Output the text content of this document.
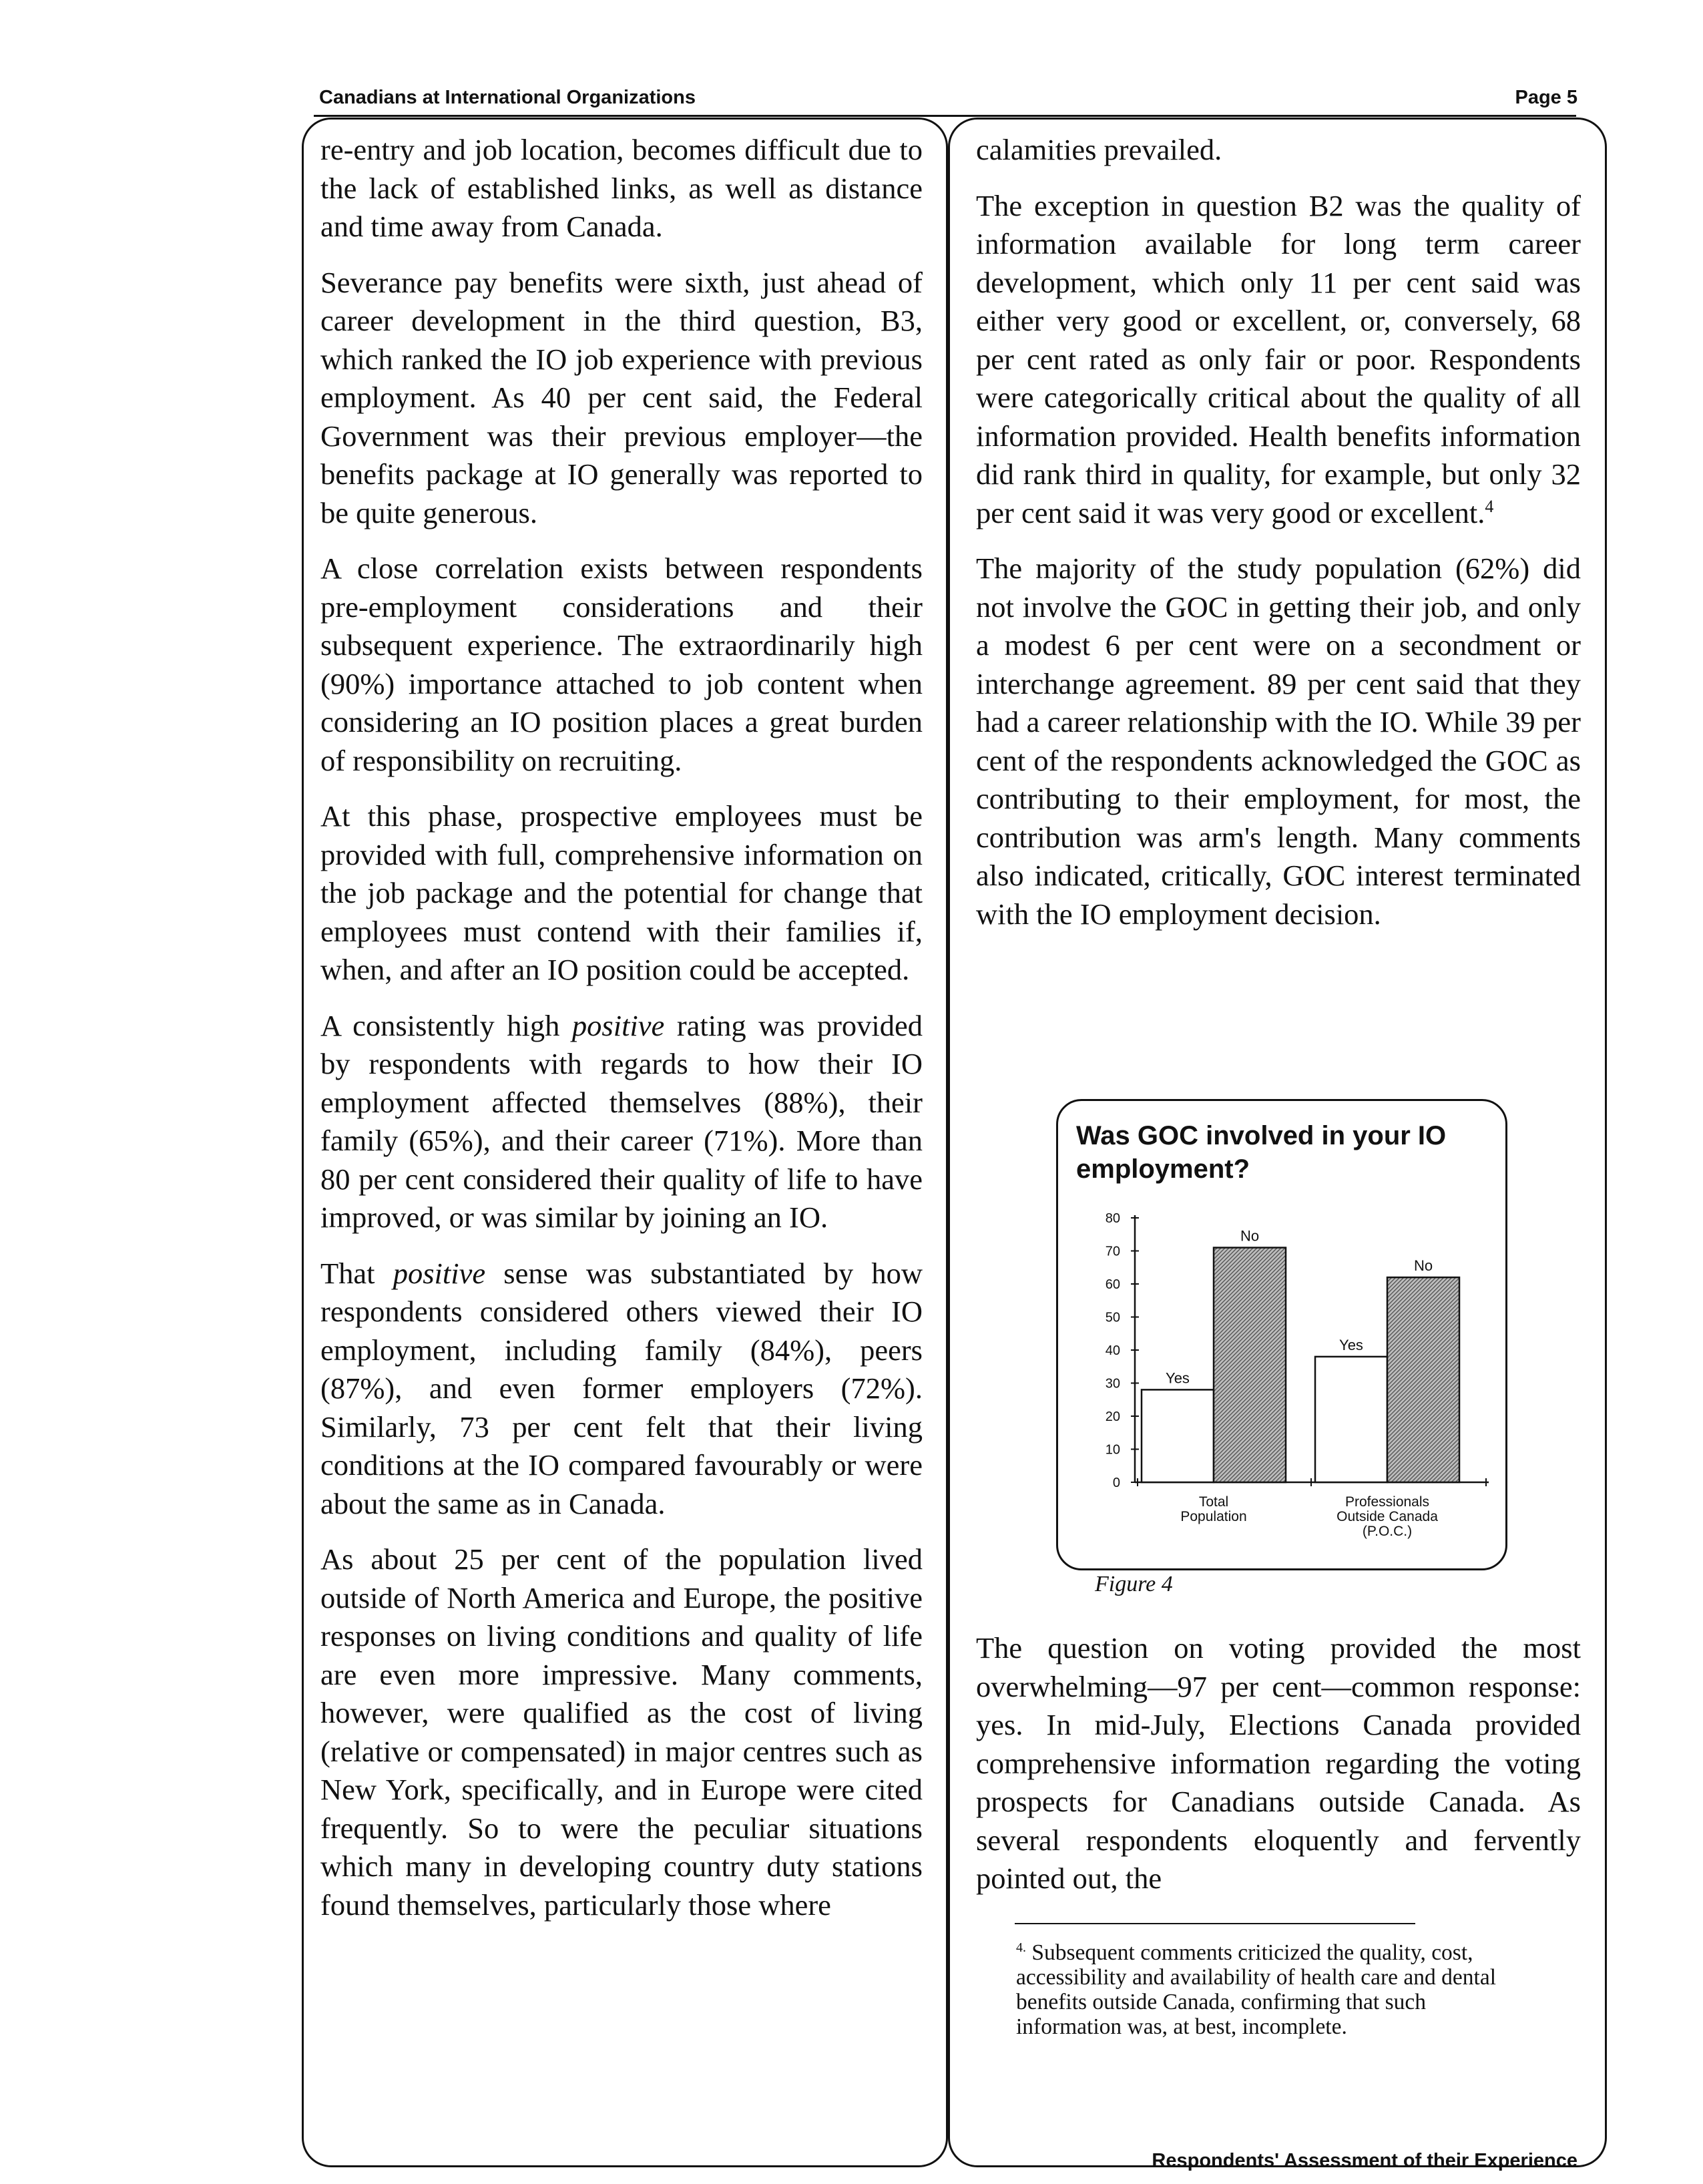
Canadians at International Organizations	Page 5

re-entry and job location, becomes difficult due to the lack of established links, as well as distance and time away from Canada.

Severance pay benefits were sixth, just ahead of career development in the third question, B3, which ranked the IO job experience with previous employment. As 40 per cent said, the Federal Government was their previous employer—the benefits package at IO generally was reported to be quite generous.

A close correlation exists between respondents pre-employment considerations and their subsequent experience. The extraordinarily high (90%) importance attached to job content when considering an IO position places a great burden of responsibility on recruiting.

At this phase, prospective employees must be provided with full, comprehensive information on the job package and the potential for change that employees must contend with their families if, when, and after an IO position could be accepted.

A consistently high positive rating was provided by respondents with regards to how their IO employment affected themselves (88%), their family (65%), and their career (71%). More than 80 per cent considered their quality of life to have improved, or was similar by joining an IO.

That positive sense was substantiated by how respondents considered others viewed their IO employment, including family (84%), peers (87%), and even former employers (72%). Similarly, 73 per cent felt that their living conditions at the IO compared favourably or were about the same as in Canada.

As about 25 per cent of the population lived outside of North America and Europe, the positive responses on living conditions and quality of life are even more impressive. Many comments, however, were qualified as the cost of living (relative or compensated) in major centres such as New York, specifically, and in Europe were cited frequently. So to were the peculiar situations which many in developing country duty stations found themselves, particularly those where

calamities prevailed.

The exception in question B2 was the quality of information available for long term career development, which only 11 per cent said was either very good or excellent, or, conversely, 68 per cent rated as only fair or poor. Respondents were categorically critical about the quality of all information provided. Health benefits information did rank third in quality, for example, but only 32 per cent said it was very good or excellent.$^4$

The majority of the study population (62%) did not involve the GOC in getting their job, and only a modest 6 per cent were on a secondment or interchange agreement. 89 per cent said that they had a career relationship with the IO. While 39 per cent of the respondents acknowledged the GOC as contributing to their employment, for most, the contribution was arm's length. Many comments also indicated, critically, GOC interest terminated with the IO employment decision.

Was GOC involved in your IO employment?
0
10
20
30
40
50
60
70
80
Yes
No
Total
Population
Yes
No
Professionals
Outside Canada
(P.O.C.)
Figure 4

The question on voting provided the most overwhelming—97 per cent—common response: yes. In mid-July, Elections Canada provided comprehensive information regarding the voting prospects for Canadians outside Canada. As several respondents eloquently and fervently pointed out, the

$^{4.}$ Subsequent comments criticized the quality, cost, accessibility and availability of health care and dental benefits outside Canada, confirming that such information was, at best, incomplete.
Respondents' Assessment of their Experience
